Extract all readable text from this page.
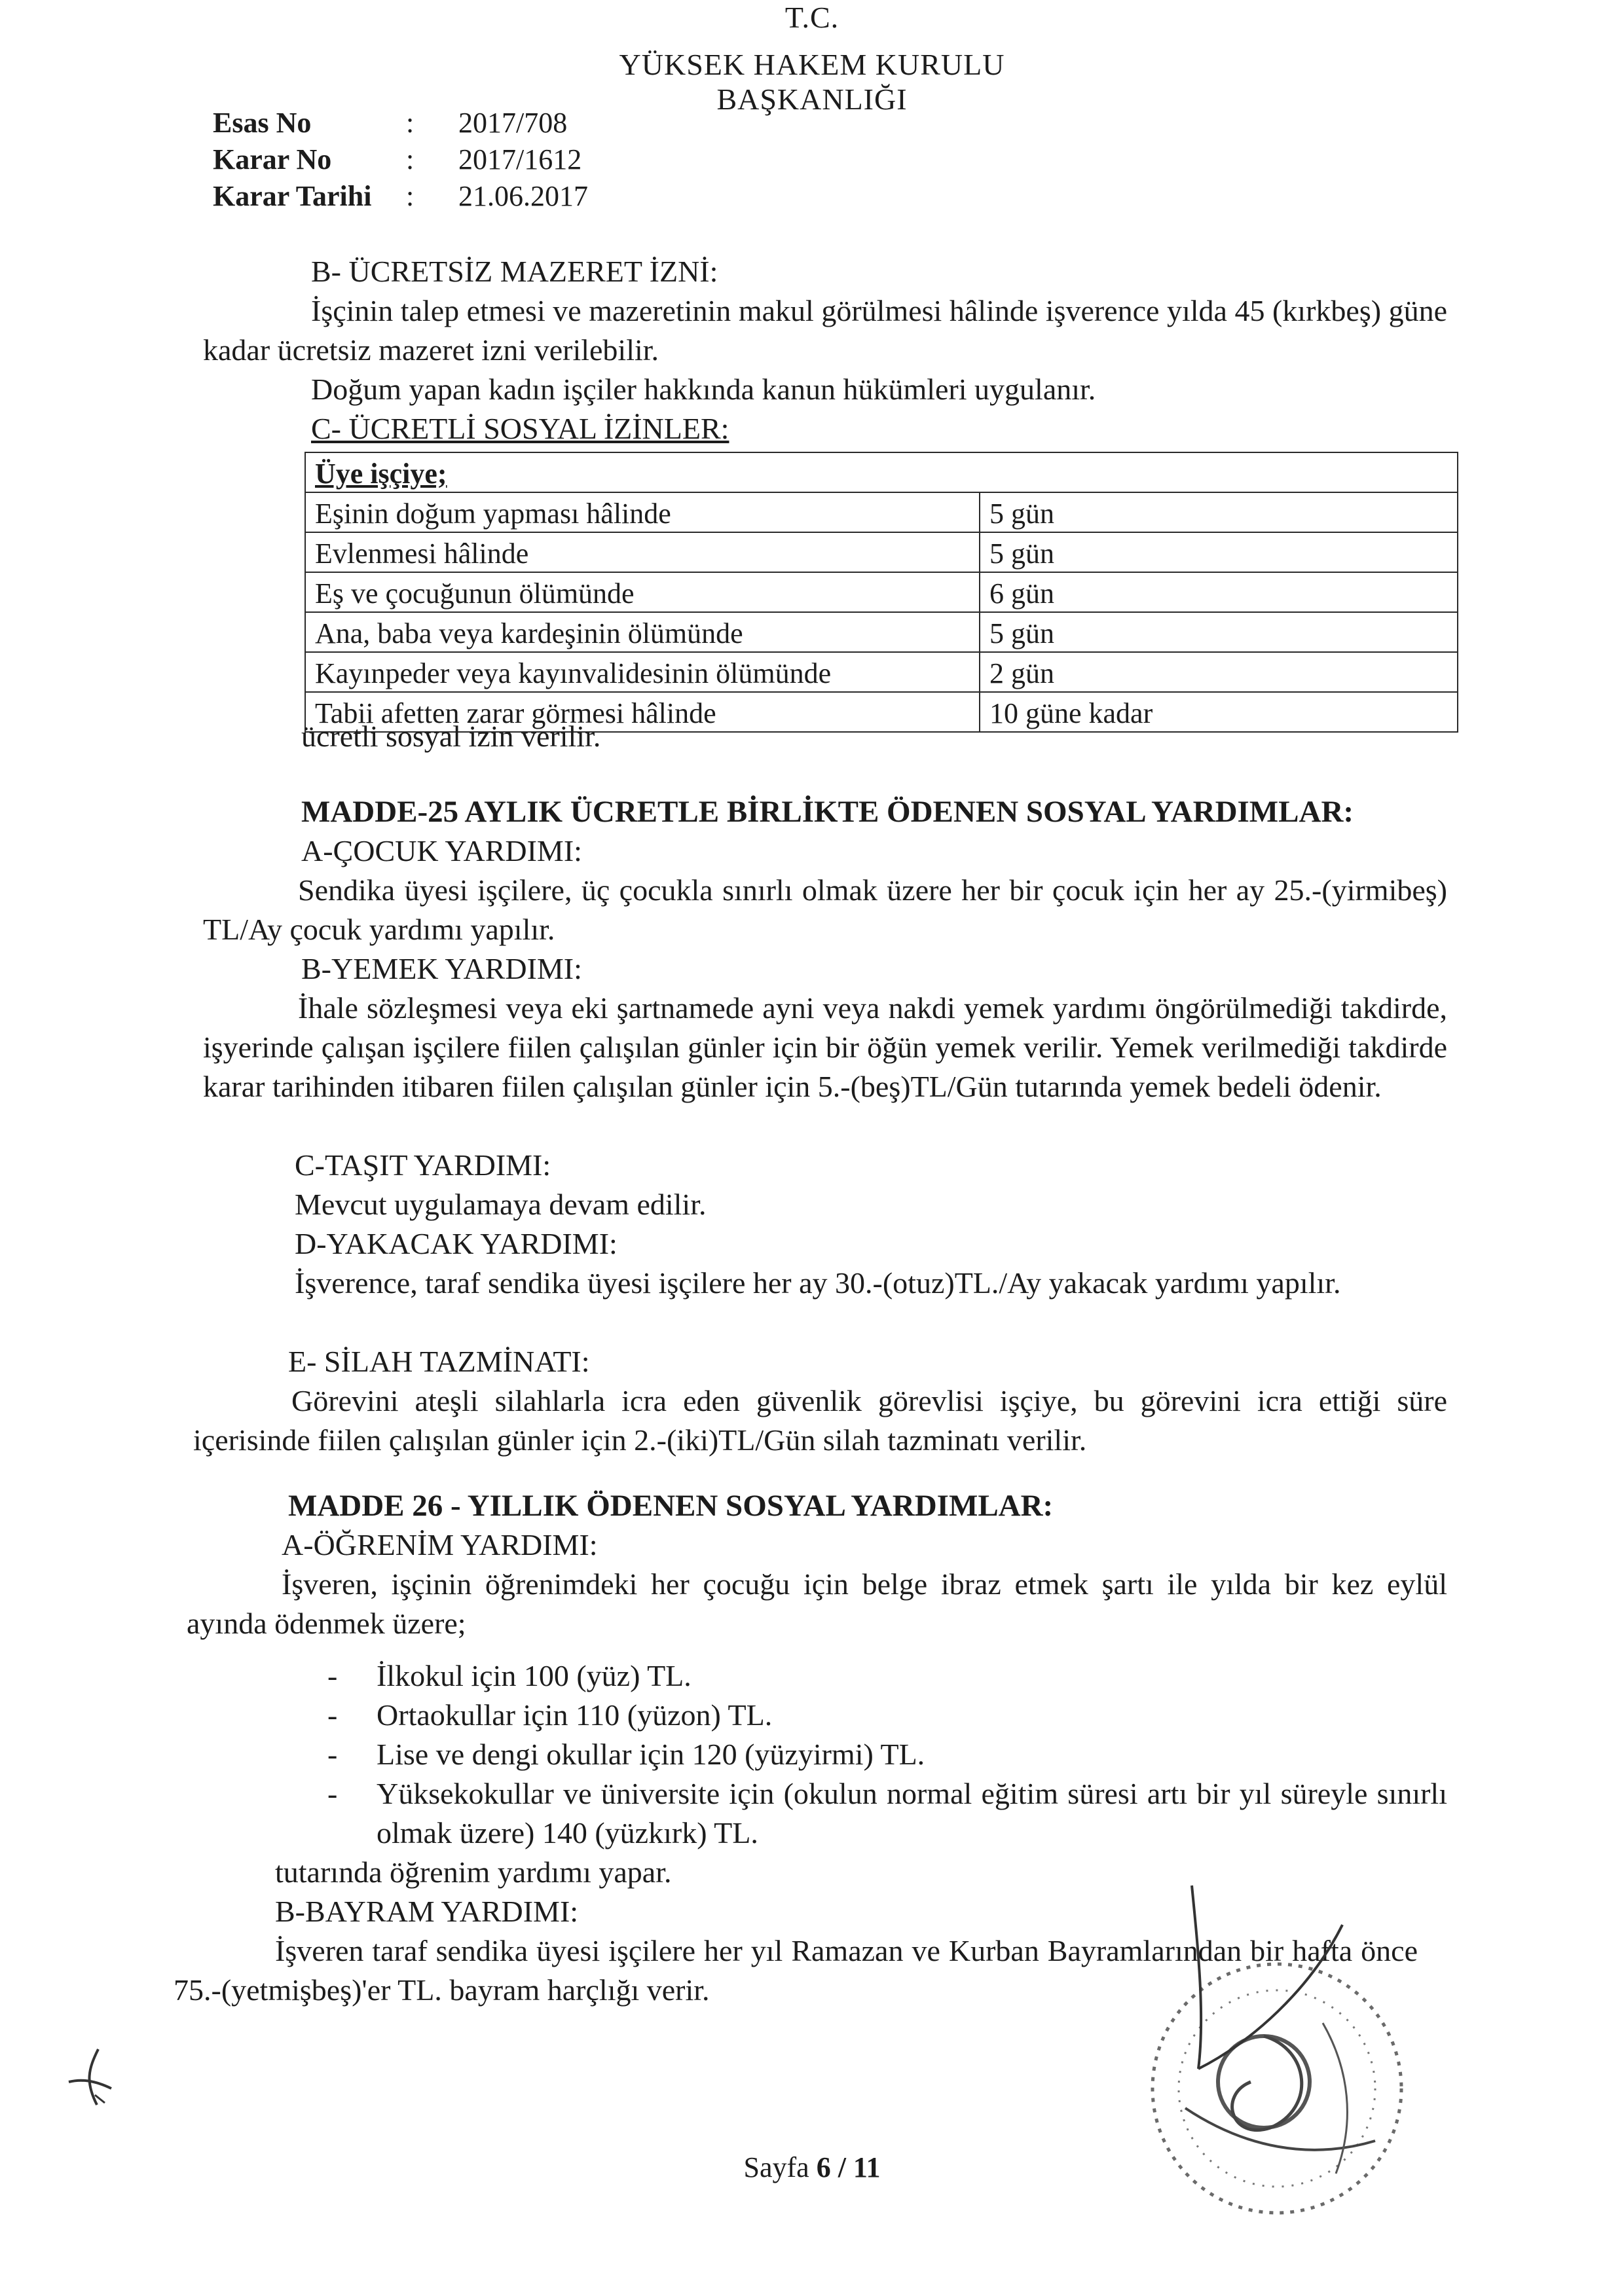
T.C.
YÜKSEK HAKEM KURULU
BAŞKANLIĞI
Esas No	: 2017/708
Karar No	: 2017/1612
Karar Tarihi : 21.06.2017
B- ÜCRETSİZ MAZERET İZNİ:
İşçinin talep etmesi ve mazeretinin makul görülmesi hâlinde işverence yılda 45 (kırkbeş) güne kadar ücretsiz mazeret izni verilebilir.
Doğum yapan kadın işçiler hakkında kanun hükümleri uygulanır.
C- ÜCRETLİ SOSYAL İZİNLER:
Üye işçiye;	
Eşinin doğum yapması hâlinde	5 gün
Evlenmesi hâlinde	5 gün
Eş ve çocuğunun ölümünde	6 gün
Ana, baba veya kardeşinin ölümünde	5 gün
Kayınpeder veya kayınvalidesinin ölümünde	2 gün
Tabii afetten zarar görmesi hâlinde	10 güne kadar
ücretli sosyal izin verilir.
MADDE-25 AYLIK ÜCRETLE BİRLİKTE ÖDENEN SOSYAL YARDIMLAR:
A-ÇOCUK YARDIMI:
Sendika üyesi işçilere, üç çocukla sınırlı olmak üzere her bir çocuk için her ay 25.-(yirmibeş) TL/Ay çocuk yardımı yapılır.
B-YEMEK YARDIMI:
İhale sözleşmesi veya eki şartnamede ayni veya nakdi yemek yardımı öngörülmediği takdirde, işyerinde çalışan işçilere fiilen çalışılan günler için bir öğün yemek verilir. Yemek verilmediği takdirde karar tarihinden itibaren fiilen çalışılan günler için 5.-(beş)TL/Gün tutarında yemek bedeli ödenir.
C-TAŞIT YARDIMI:
Mevcut uygulamaya devam edilir.
D-YAKACAK YARDIMI:
İşverence, taraf sendika üyesi işçilere her ay 30.-(otuz)TL./Ay yakacak yardımı yapılır.
E- SİLAH TAZMİNATI:
Görevini ateşli silahlarla icra eden güvenlik görevlisi işçiye, bu görevini icra ettiği süre içerisinde fiilen çalışılan günler için 2.-(iki)TL/Gün silah tazminatı verilir.
MADDE 26 - YILLIK ÖDENEN SOSYAL YARDIMLAR:
A-ÖĞRENİM YARDIMI:
İşveren, işçinin öğrenimdeki her çocuğu için belge ibraz etmek şartı ile yılda bir kez eylül ayında ödenmek üzere;
- İlkokul için 100 (yüz) TL.
- Ortaokullar için 110 (yüzon) TL.
- Lise ve dengi okullar için 120 (yüzyirmi) TL.
- Yüksekokullar ve üniversite için (okulun normal eğitim süresi artı bir yıl süreyle sınırlı olmak üzere) 140 (yüzkırk) TL.
tutarında öğrenim yardımı yapar.
B-BAYRAM YARDIMI:
İşveren taraf sendika üyesi işçilere her yıl Ramazan ve Kurban Bayramlarından bir hafta önce 75.-(yetmişbeş)'er TL. bayram harçlığı verir.
Sayfa 6 / 11
